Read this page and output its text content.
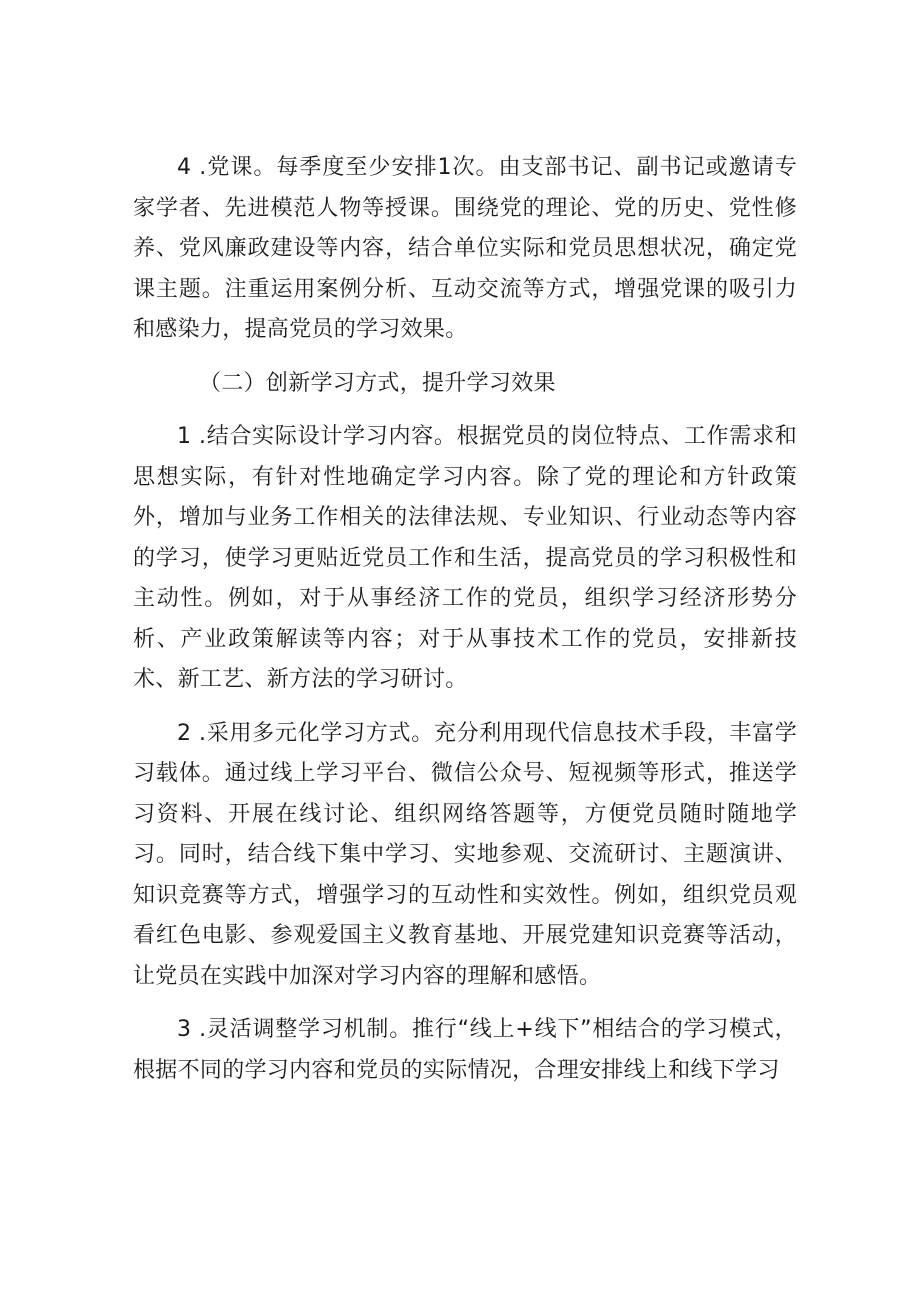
4 .党课。每季度至少安排1次。由支部书记、副书记或邀请专家学者、先进模范人物等授课。围绕党的理论、党的历史、党性修养、党风廉政建设等内容，结合单位实际和党员思想状况，确定党课主题。注重运用案例分析、互动交流等方式，增强党课的吸引力和感染力，提高党员的学习效果。

（二）创新学习方式，提升学习效果

1 .结合实际设计学习内容。根据党员的岗位特点、工作需求和思想实际，有针对性地确定学习内容。除了党的理论和方针政策外，增加与业务工作相关的法律法规、专业知识、行业动态等内容的学习，使学习更贴近党员工作和生活，提高党员的学习积极性和主动性。例如，对于从事经济工作的党员，组织学习经济形势分析、产业政策解读等内容；对于从事技术工作的党员，安排新技术、新工艺、新方法的学习研讨。

2 .采用多元化学习方式。充分利用现代信息技术手段，丰富学习载体。通过线上学习平台、微信公众号、短视频等形式，推送学习资料、开展在线讨论、组织网络答题等，方便党员随时随地学习。同时，结合线下集中学习、实地参观、交流研讨、主题演讲、知识竞赛等方式，增强学习的互动性和实效性。例如，组织党员观看红色电影、参观爱国主义教育基地、开展党建知识竞赛等活动，让党员在实践中加深对学习内容的理解和感悟。

3 .灵活调整学习机制。推行“线上+线下”相结合的学习模式，根据不同的学习内容和党员的实际情况，合理安排线上和线下学习
